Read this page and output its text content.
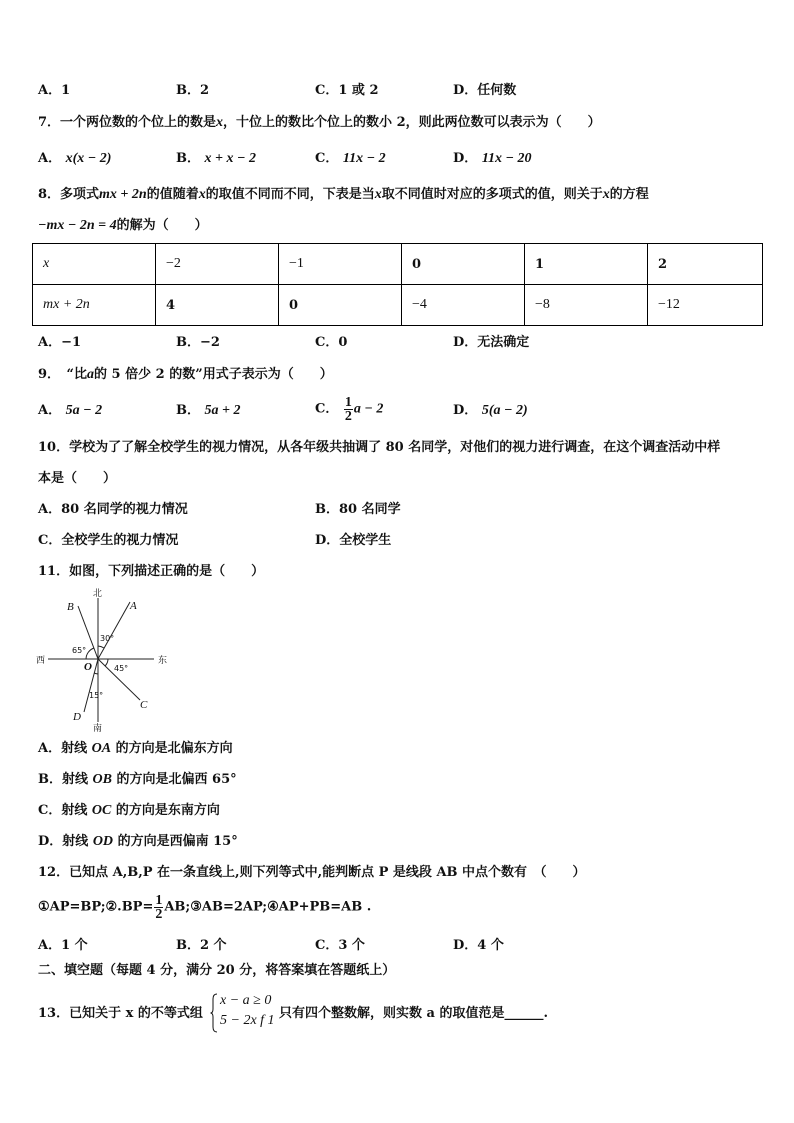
A．1	B．2	C．1 或 2	D．任何数
7．一个两位数的个位上的数是x，十位上的数比个位上的数小 2，则此两位数可以表示为（　　）
A． x(x − 2)	B． x + x − 2	C． 11x − 2	D． 11x − 20
8．多项式mx + 2n的值随着x的取值不同而不同，下表是当x取不同值时对应的多项式的值，则关于x的方程
−mx − 2n = 4的解为（　　）
x	−2	−1	0	1	2
mx + 2n	4	0	−4	−8	−12
A．−1	B．−2	C．0	D．无法确定
9．　“比a的 5 倍少 2 的数”用式子表示为（　　）
A． 5a − 2	B． 5a + 2	C． $\frac{1}{2}$ a − 2	D． 5(a − 2)
10．学校为了了解全校学生的视力情况，从各年级共抽调了 80 名同学，对他们的视力进行调查，在这个调查活动中样
本是（　　）
A．80 名同学的视力情况	B．80 名同学
C．全校学生的视力情况	D．全校学生
11．如图，下列描述正确的是（　　）
北
南
西	东
30°
65°
45°
15°
A
B
C
D
O
A．射线 OA 的方向是北偏东方向
B．射线 OB 的方向是北偏西 65°
C．射线 OC 的方向是东南方向
D．射线 OD 的方向是西偏南 15°
12．已知点 A,B,P 在一条直线上,则下列等式中,能判断点 P 是线段 AB 中点个数有　（　　）
①AP=BP;②.BP= $\frac{1}{2}$ AB;③AB=2AP;④AP+PB=AB .
A．1 个	B．2 个	C．3 个	D．4 个
二、填空题（每题 4 分，满分 20 分，将答案填在答题纸上）
13．已知关于 x 的不等式组
x − a ≥ 0
5 − 2x f 1 只有四个整数解，则实数 a 的取值范是______.
